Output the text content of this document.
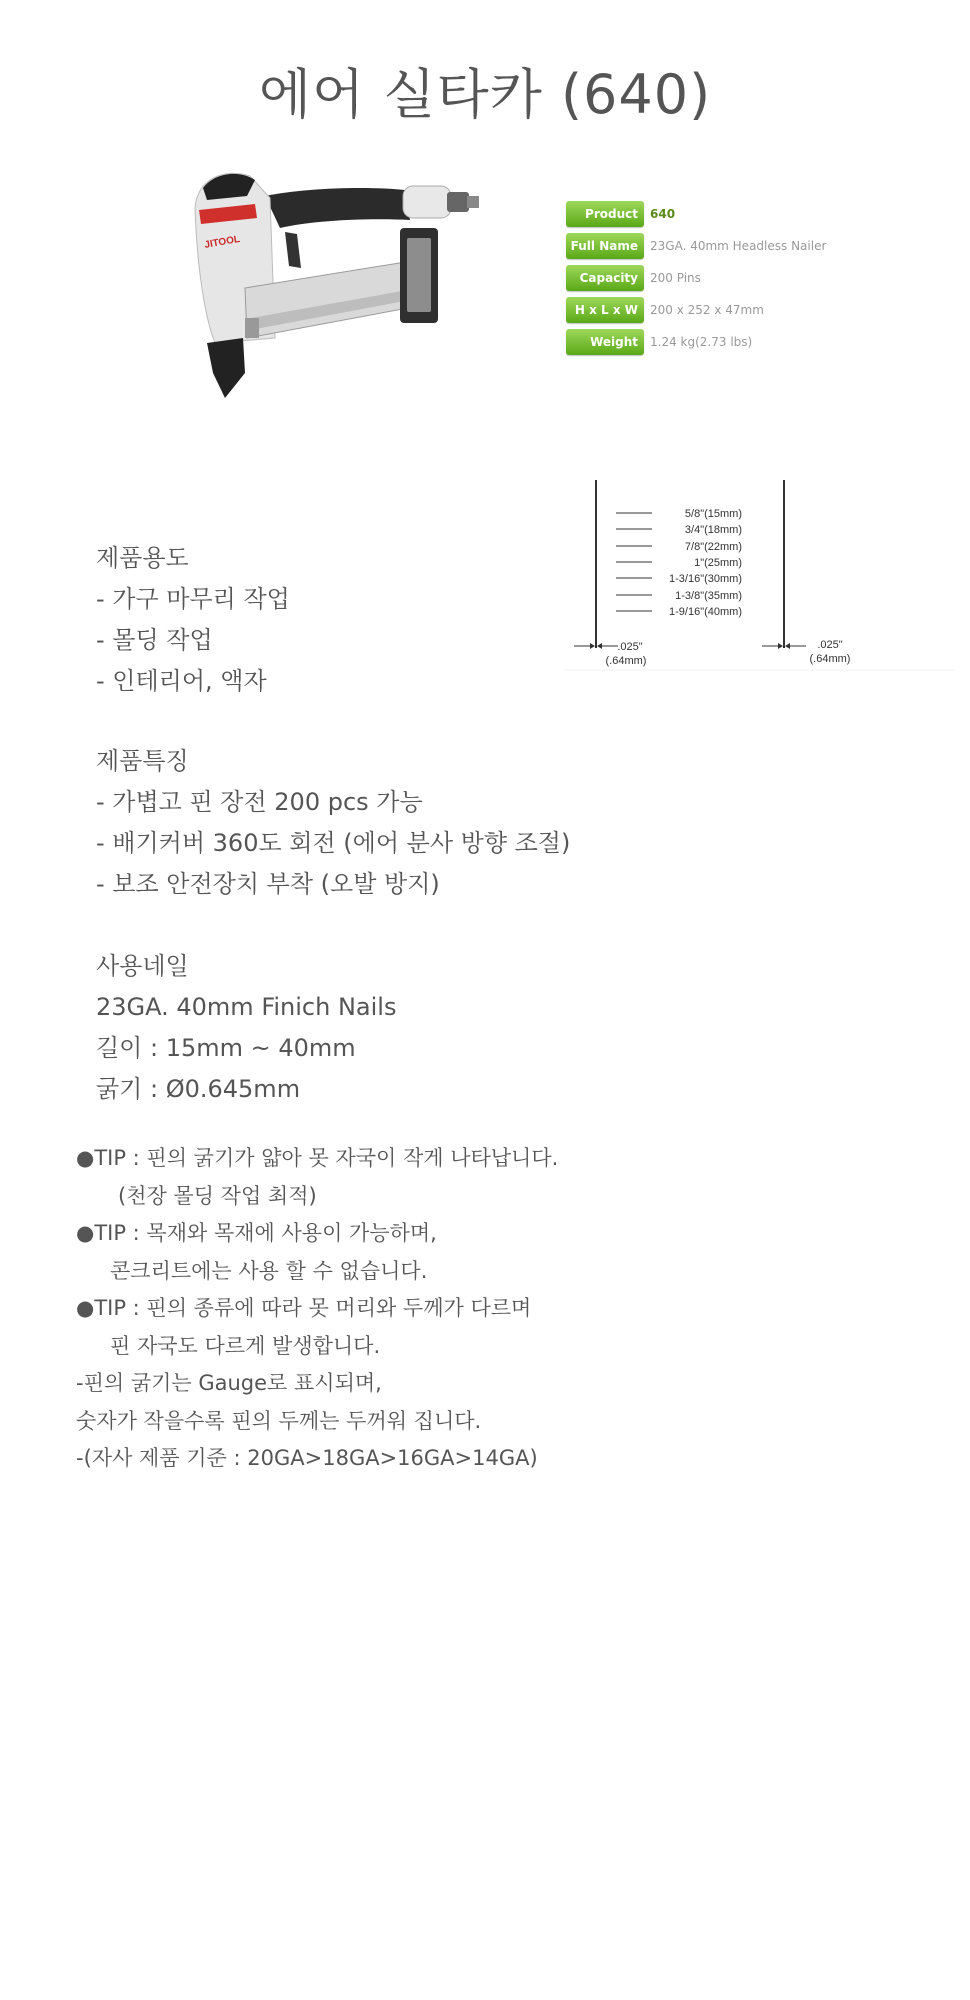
에어 실타카 (640)
JITOOL
Product	640
Full Name	23GA. 40mm Headless Nailer
Capacity	200 Pins
H x L x W	200 x 252 x 47mm
Weight	1.24 kg(2.73 lbs)
5/8"(15mm)
3/4"(18mm)
7/8"(22mm)
1"(25mm)
1-3/16"(30mm)
1-3/8"(35mm)
1-9/16"(40mm)
.025"
(.64mm)
.025"
(.64mm)
제품용도
- 가구 마무리 작업
- 몰딩 작업
- 인테리어, 액자
제품특징
- 가볍고 핀 장전 200 pcs 가능
- 배기커버 360도 회전 (에어 분사 방향 조절)
- 보조 안전장치 부착 (오발 방지)
사용네일
23GA. 40mm Finich Nails
길이 : 15mm ~ 40mm
굵기 : Ø0.645mm
●TIP : 핀의 굵기가 얇아 못 자국이 작게 나타납니다.
(천장 몰딩 작업 최적)
●TIP : 목재와 목재에 사용이 가능하며,
콘크리트에는 사용 할 수 없습니다.
●TIP : 핀의 종류에 따라 못 머리와 두께가 다르며
핀 자국도 다르게 발생합니다.
-핀의 굵기는 Gauge로 표시되며,
숫자가 작을수록 핀의 두께는 두꺼워 집니다.
-(자사 제품 기준 : 20GA>18GA>16GA>14GA)
